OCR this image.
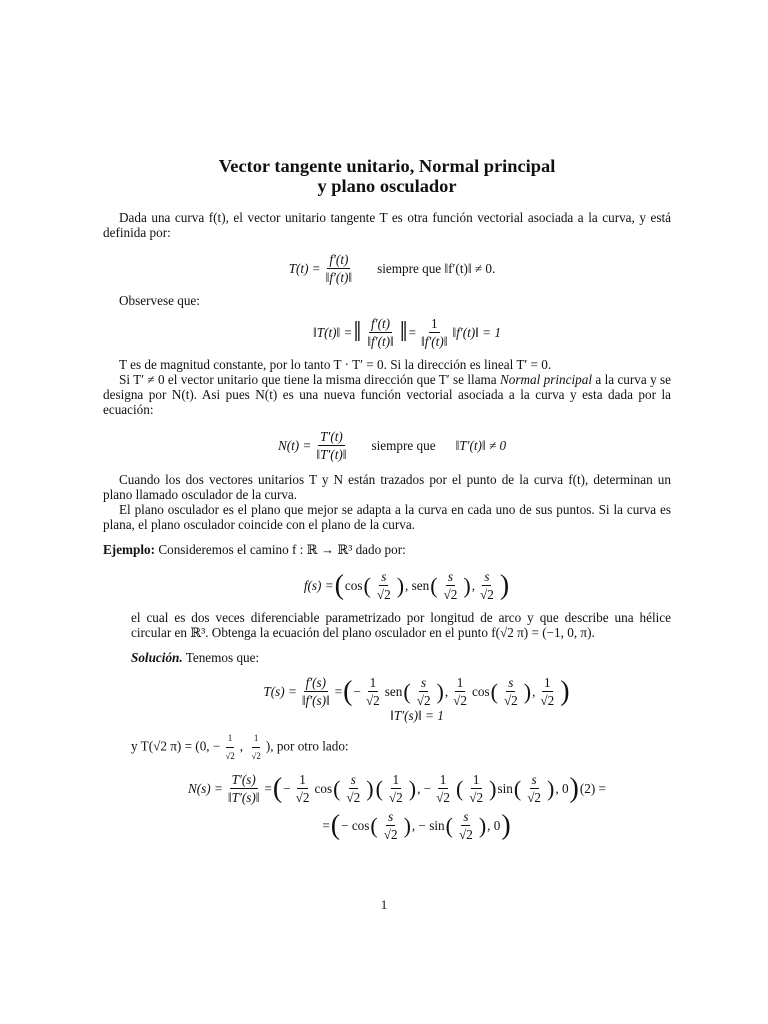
Vector tangente unitario, Normal principal
y plano osculador

Dada una curva f(t), el vector unitario tangente T es otra función vectorial asociada a la curva, y está definida por:

$T(t) = \frac{f'(t)}{‖f'(t)‖}$ siempre que ‖f′(t)‖ ≠ 0.

Observese que:

‖T(t)‖ = ‖ $\frac{f'(t)}{‖f'(t)‖}$ ‖ = $\frac{1}{‖f'(t)‖}$ ‖f′(t)‖ = 1

T es de magnitud constante, por lo tanto T · T′ = 0. Si la dirección es lineal T′ = 0.

Si T′ ≠ 0 el vector unitario que tiene la misma dirección que T′ se llama Normal principal a la curva y se designa por N(t). Asi pues N(t) es una nueva función vectorial asociada a la curva y esta dada por la ecuación:

$N(t) = \frac{T'(t)}{‖T'(t)‖}$ siempre que ‖T′(t)‖ ≠ 0

Cuando los dos vectores unitarios T y N están trazados por el punto de la curva f(t), determinan un plano llamado osculador de la curva.

El plano osculador es el plano que mejor se adapta a la curva en cada uno de sus puntos. Si la curva es plana, el plano osculador coincide con el plano de la curva.

Ejemplo: Consideremos el camino f : ℝ → ℝ³ dado por:

f(s) = ( cos ( $\frac{s}{√2}$ ) , sen ( $\frac{s}{√2}$ ) , $\frac{s}{√2}$ )

el cual es dos veces diferenciable parametrizado por longitud de arco y que describe una hélice circular en ℝ³. Obtenga la ecuación del plano osculador en el punto f(√2 π) = (−1, 0, π).

Solución. Tenemos que:

$T(s) = \frac{f'(s)}{‖f'(s)‖}$ = ( − $\frac{1}{√2}$ sen ( $\frac{s}{√2}$ ) , $\frac{1}{√2}$ cos ( $\frac{s}{√2}$ ) , $\frac{1}{√2}$ )
‖T′(s)‖ = 1

y T(√2 π) = (0, − $\frac{1}{√2}$ , $\frac{1}{√2}$ ), por otro lado:

$N(s) = \frac{T'(s)}{‖T'(s)‖}$ = ( − $\frac{1}{√2}$ cos ( $\frac{s}{√2}$ ) ( $\frac{1}{√2}$ ) , − $\frac{1}{√2}$ ( $\frac{1}{√2}$ ) sin ( $\frac{s}{√2}$ ) , 0 ) (2) =
= ( − cos ( $\frac{s}{√2}$ ) , − sin ( $\frac{s}{√2}$ ) , 0 )
1
